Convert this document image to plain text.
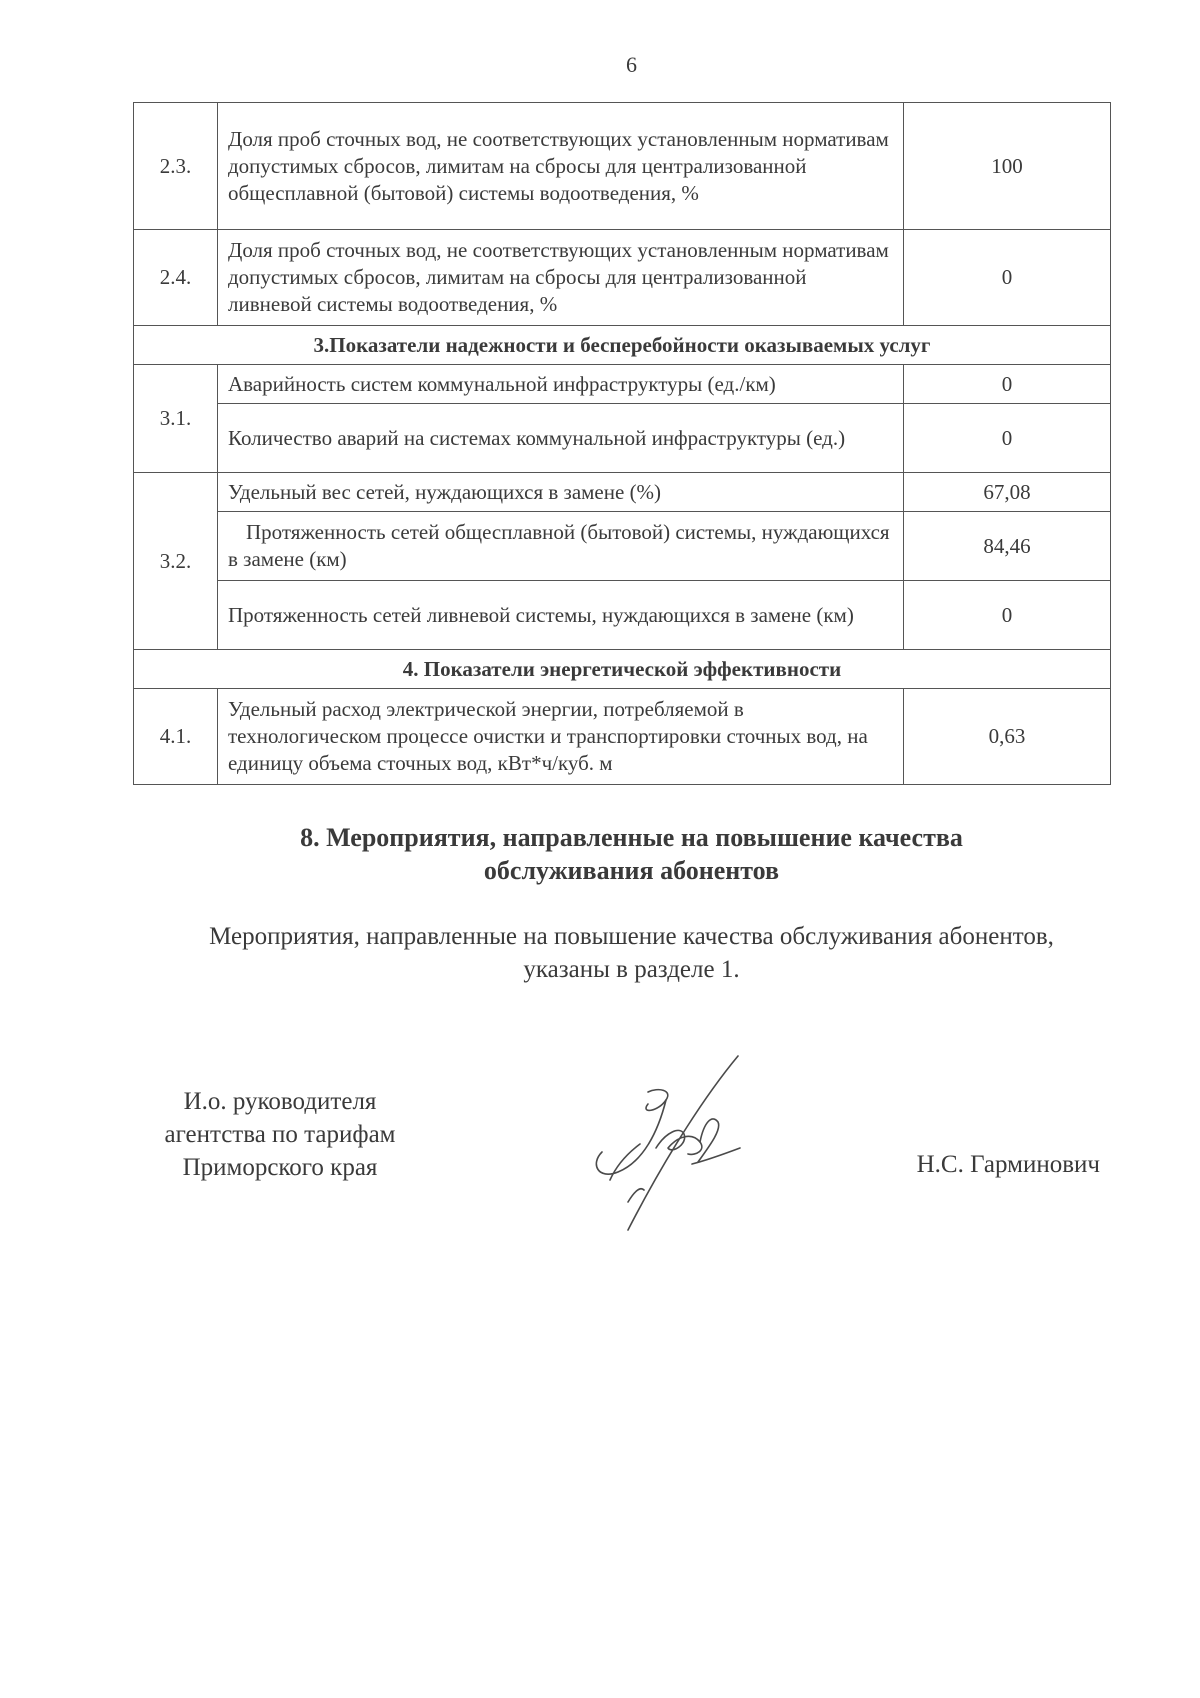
6
2.3.	Доля проб сточных вод, не соответствующих установленным нормативам допустимых сбросов, лимитам на сбросы для централизованной общесплавной (бытовой) системы водоотведения, %	100
2.4.	Доля проб сточных вод, не соответствующих установленным нормативам допустимых сбросов, лимитам на сбросы для централизованной ливневой системы водоотведения, %	0
3.Показатели надежности и бесперебойности оказываемых услуг		
3.1.	Аварийность систем коммунальной инфраструктуры (ед./км)	0
	Количество аварий на системах коммунальной инфраструктуры (ед.)	0
3.2.	Удельный вес сетей, нуждающихся в замене (%)	67,08
	Протяженность сетей общесплавной (бытовой) системы, нуждающихся в замене (км)	84,46
	Протяженность сетей ливневой системы, нуждающихся в замене (км)	0
4. Показатели энергетической эффективности		
4.1.	Удельный расход электрической энергии, потребляемой в технологическом процессе очистки и транспортировки сточных вод, на единицу объема сточных вод, кВт*ч/куб. м	0,63
8. Мероприятия, направленные на повышение качества
обслуживания абонентов
Мероприятия, направленные на повышение качества обслуживания абонентов,
указаны в разделе 1.
И.о. руководителя
агентства по тарифам
Приморского края	Н.С. Гарминович
